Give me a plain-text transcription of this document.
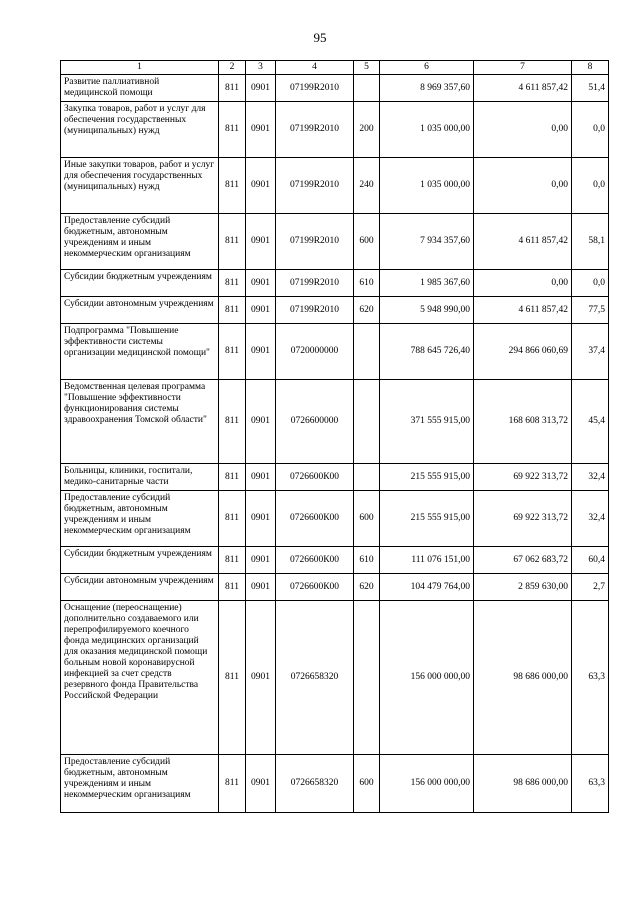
95
1	2	3	4	5	6	7	8
Развитие паллиативной медицинской помощи	811	0901	07199R2010		8 969 357,60	4 611 857,42	51,4
Закупка товаров, работ и услуг для обеспечения государственных (муниципальных) нужд	811	0901	07199R2010	200	1 035 000,00	0,00	0,0
Иные закупки товаров, работ и услуг для обеспечения государственных (муниципальных) нужд	811	0901	07199R2010	240	1 035 000,00	0,00	0,0
Предоставление субсидий бюджетным, автономным учреждениям и иным некоммерческим организациям	811	0901	07199R2010	600	7 934 357,60	4 611 857,42	58,1
Субсидии бюджетным учреждениям	811	0901	07199R2010	610	1 985 367,60	0,00	0,0
Субсидии автономным учреждениям	811	0901	07199R2010	620	5 948 990,00	4 611 857,42	77,5
Подпрограмма "Повышение эффективности системы организации медицинской помощи"	811	0901	0720000000		788 645 726,40	294 866 060,69	37,4
Ведомственная целевая программа "Повышение эффективности функционирования системы здравоохранения Томской области"	811	0901	0726600000		371 555 915,00	168 608 313,72	45,4
Больницы, клиники, госпитали, медико-санитарные части	811	0901	0726600К00		215 555 915,00	69 922 313,72	32,4
Предоставление субсидий бюджетным, автономным учреждениям и иным некоммерческим организациям	811	0901	0726600К00	600	215 555 915,00	69 922 313,72	32,4
Субсидии бюджетным учреждениям	811	0901	0726600К00	610	111 076 151,00	67 062 683,72	60,4
Субсидии автономным учреждениям	811	0901	0726600К00	620	104 479 764,00	2 859 630,00	2,7
Оснащение (переоснащение) дополнительно создаваемого или перепрофилируемого коечного фонда медицинских организаций для оказания медицинской помощи больным новой коронавирусной инфекцией за счет средств резервного фонда Правительства Российской Федерации	811	0901	0726658320		156 000 000,00	98 686 000,00	63,3
Предоставление субсидий бюджетным, автономным учреждениям и иным некоммерческим организациям	811	0901	0726658320	600	156 000 000,00	98 686 000,00	63,3
